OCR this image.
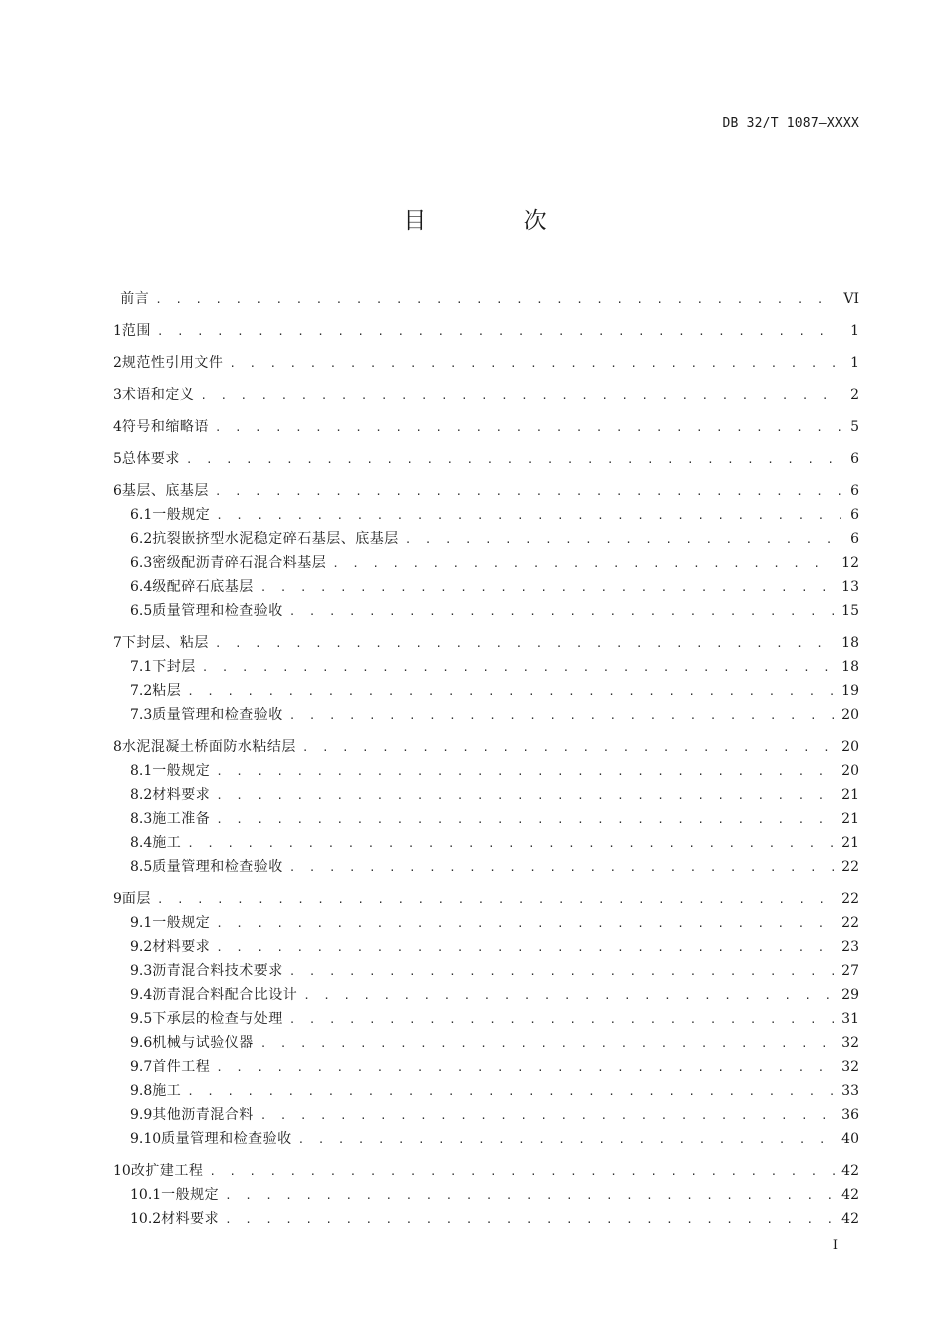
DB 32/T 1087—XXXX
目 次
前言 . . .	VI
1 范围 . . .	1
2 规范性引用文件 . . .	1
3 术语和定义 . . .	2
4 符号和缩略语 . . .	5
5 总体要求 . . .	6
6 基层、底基层 . . .	6
6.1 一般规定 . . .	6
6.2 抗裂嵌挤型水泥稳定碎石基层、底基层 . . .	6
6.3 密级配沥青碎石混合料基层 . . .	12
6.4 级配碎石底基层 . . .	13
6.5 质量管理和检查验收 . . .	15
7 下封层、粘层 . . .	18
7.1 下封层 . . .	18
7.2 粘层 . . .	19
7.3 质量管理和检查验收 . . .	20
8 水泥混凝土桥面防水粘结层 . . .	20
8.1 一般规定 . . .	20
8.2 材料要求 . . .	21
8.3 施工准备 . . .	21
8.4 施工 . . .	21
8.5 质量管理和检查验收 . . .	22
9 面层 . . .	22
9.1 一般规定 . . .	22
9.2 材料要求 . . .	23
9.3 沥青混合料技术要求 . . .	27
9.4 沥青混合料配合比设计 . . .	29
9.5 下承层的检查与处理 . . .	31
9.6 机械与试验仪器 . . .	32
9.7 首件工程 . . .	32
9.8 施工 . . .	33
9.9 其他沥青混合料 . . .	36
9.10 质量管理和检查验收 . . .	40
10 改扩建工程 . . .	42
10.1 一般规定 . . .	42
10.2 材料要求 . . .	42
I
